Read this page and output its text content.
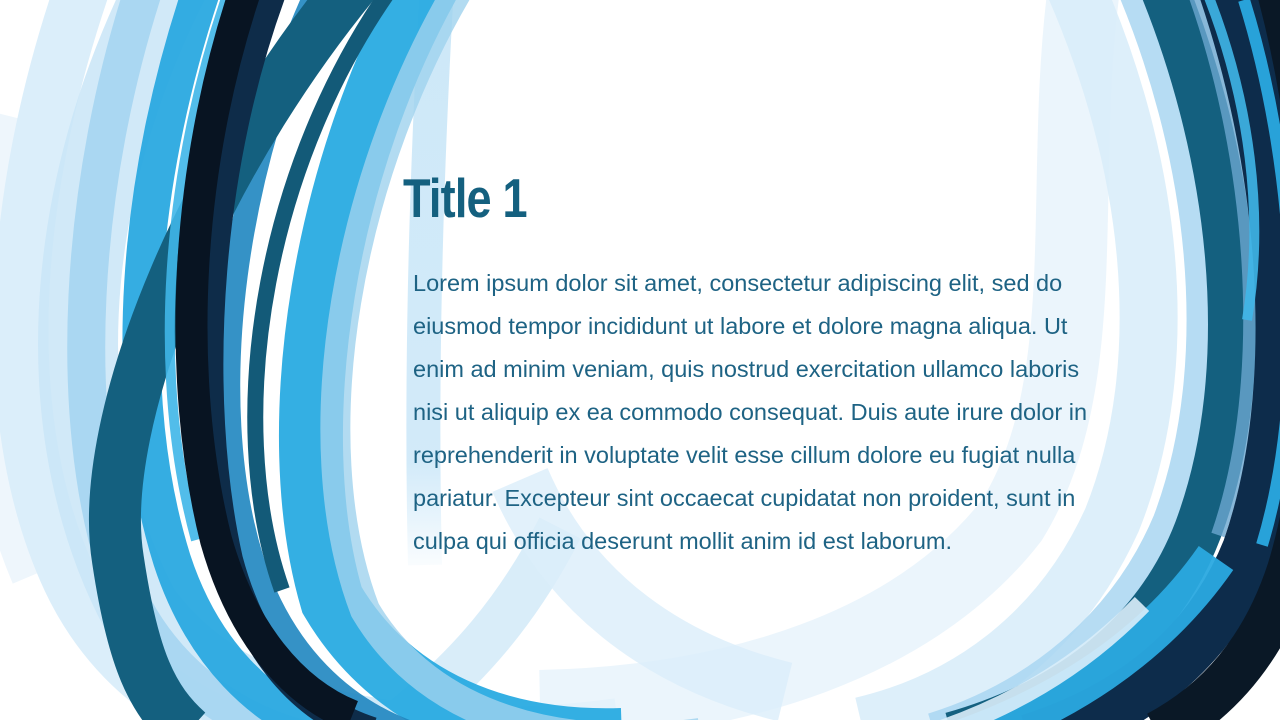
Title 1

Lorem ipsum dolor sit amet, consectetur adipiscing elit, sed do eiusmod tempor incididunt ut labore et dolore magna aliqua. Ut enim ad minim veniam, quis nostrud exercitation ullamco laboris nisi ut aliquip ex ea commodo consequat. Duis aute irure dolor in reprehenderit in voluptate velit esse cillum dolore eu fugiat nulla pariatur. Excepteur sint occaecat cupidatat non proident, sunt in culpa qui officia deserunt mollit anim id est laborum.
